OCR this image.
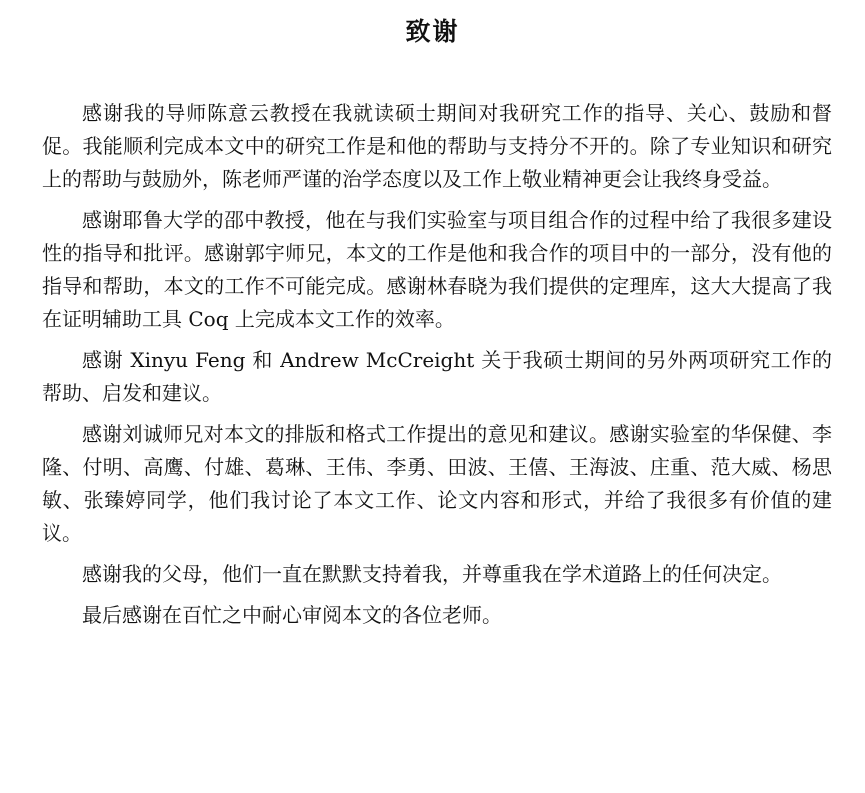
致谢

感谢我的导师陈意云教授在我就读硕士期间对我研究工作的指导、关心、鼓励和督促。我能顺利完成本文中的研究工作是和他的帮助与支持分不开的。除了专业知识和研究上的帮助与鼓励外，陈老师严谨的治学态度以及工作上敬业精神更会让我终身受益。

感谢耶鲁大学的邵中教授，他在与我们实验室与项目组合作的过程中给了我很多建设性的指导和批评。感谢郭宇师兄，本文的工作是他和我合作的项目中的一部分，没有他的指导和帮助，本文的工作不可能完成。感谢林春晓为我们提供的定理库，这大大提高了我在证明辅助工具 Coq 上完成本文工作的效率。

感谢 Xinyu Feng 和 Andrew McCreight 关于我硕士期间的另外两项研究工作的帮助、启发和建议。

感谢刘诚师兄对本文的排版和格式工作提出的意见和建议。感谢实验室的华保健、李隆、付明、高鹰、付雄、葛琳、王伟、李勇、田波、王僖、王海波、庄重、范大威、杨思敏、张臻婷同学，他们我讨论了本文工作、论文内容和形式，并给了我很多有价值的建议。

感谢我的父母，他们一直在默默支持着我，并尊重我在学术道路上的任何决定。

最后感谢在百忙之中耐心审阅本文的各位老师。
